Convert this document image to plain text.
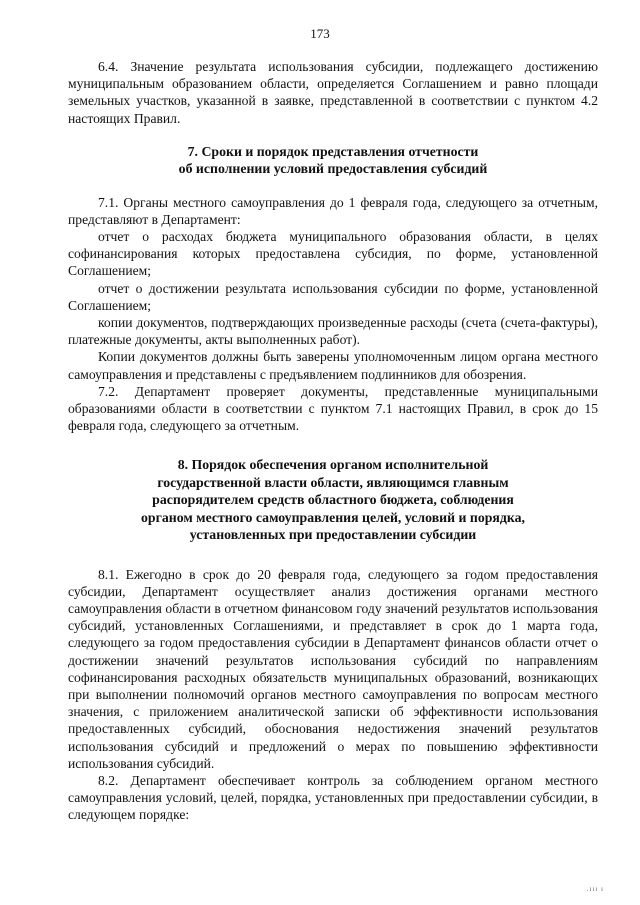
173

6.4. Значение результата использования субсидии, подлежащего достижению муниципальным образованием области, определяется Соглашением и равно площади земельных участков, указанной в заявке, представленной в соответствии с пунктом 4.2 настоящих Правил.

7. Сроки и порядок представления отчетности

об исполнении условий предоставления субсидий

7.1. Органы местного самоуправления до 1 февраля года, следующего за отчетным, представляют в Департамент:

отчет о расходах бюджета муниципального образования области, в целях софинансирования которых предоставлена субсидия, по форме, установленной Соглашением;

отчет о достижении результата использования субсидии по форме, установленной Соглашением;

копии документов, подтверждающих произведенные расходы (счета (счета-фактуры), платежные документы, акты выполненных работ).

Копии документов должны быть заверены уполномоченным лицом органа местного самоуправления и представлены с предъявлением подлинников для обозрения.

7.2. Департамент проверяет документы, представленные муниципальными образованиями области в соответствии с пунктом 7.1 настоящих Правил, в срок до 15 февраля года, следующего за отчетным.

8. Порядок обеспечения органом исполнительной

государственной власти области, являющимся главным

распорядителем средств областного бюджета, соблюдения

органом местного самоуправления целей, условий и порядка,

установленных при предоставлении субсидии

8.1. Ежегодно в срок до 20 февраля года, следующего за годом предоставления субсидии, Департамент осуществляет анализ достижения органами местного самоуправления области в отчетном финансовом году значений результатов использования субсидий, установленных Соглашениями, и представляет в срок до 1 марта года, следующего за годом предоставления субсидии в Департамент финансов области отчет о достижении значений результатов использования субсидий по направлениям софинансирования расходных обязательств муниципальных образований, возникающих при выполнении полномочий органов местного самоуправления по вопросам местного значения, с приложением аналитической записки об эффективности использования предоставленных субсидий, обоснования недостижения значений результатов использования субсидий и предложений о мерах по повышению эффективности использования субсидий.

8.2. Департамент обеспечивает контроль за соблюдением органом местного самоуправления условий, целей, порядка, установленных при предоставлении субсидии, в следующем порядке:

.ııı ı
